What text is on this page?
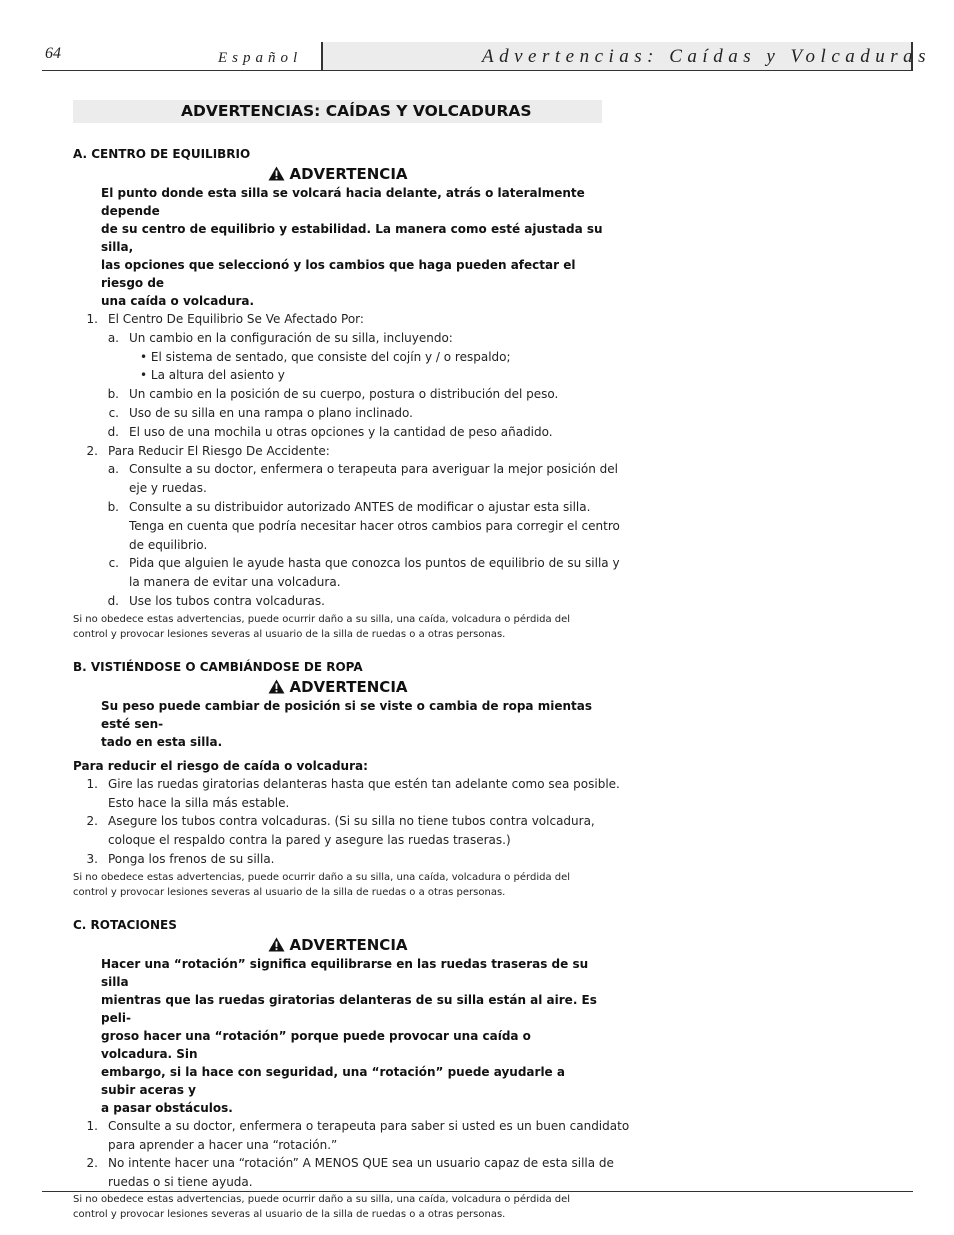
64	Español	Advertencias: Caídas y Volcaduras
ADVERTENCIAS: CAÍDAS Y VOLCADURAS
A. CENTRO DE EQUILIBRIO
ADVERTENCIA
El punto donde esta silla se volcará hacia delante, atrás o lateralmente depende
de su centro de equilibrio y estabilidad. La manera como esté ajustada su silla,
las opciones que seleccionó y los cambios que haga pueden afectar el riesgo de
una caída o volcadura.
1. El Centro De Equilibrio Se Ve Afectado Por:
a. Un cambio en la configuración de su silla, incluyendo:
• El sistema de sentado, que consiste del cojín y / o respaldo;
• La altura del asiento y
b. Un cambio en la posición de su cuerpo, postura o distribución del peso.
c. Uso de su silla en una rampa o plano inclinado.
d. El uso de una mochila u otras opciones y la cantidad de peso añadido.
2. Para Reducir El Riesgo De Accidente:
a. Consulte a su doctor, enfermera o terapeuta para averiguar la mejor posición del
eje y ruedas.
b. Consulte a su distribuidor autorizado ANTES de modificar o ajustar esta silla.
Tenga en cuenta que podría necesitar hacer otros cambios para corregir el centro
de equilibrio.
c. Pida que alguien le ayude hasta que conozca los puntos de equilibrio de su silla y
la manera de evitar una volcadura.
d. Use los tubos contra volcaduras.
Si no obedece estas advertencias, puede ocurrir daño a su silla, una caída, volcadura o pérdida del
control y provocar lesiones severas al usuario de la silla de ruedas o a otras personas.
B. VISTIÉNDOSE O CAMBIÁNDOSE DE ROPA
ADVERTENCIA
Su peso puede cambiar de posición si se viste o cambia de ropa mientas esté sen-
tado en esta silla.
Para reducir el riesgo de caída o volcadura:
1. Gire las ruedas giratorias delanteras hasta que estén tan adelante como sea posible.
Esto hace la silla más estable.
2. Asegure los tubos contra volcaduras. (Si su silla no tiene tubos contra volcadura,
coloque el respaldo contra la pared y asegure las ruedas traseras.)
3. Ponga los frenos de su silla.
Si no obedece estas advertencias, puede ocurrir daño a su silla, una caída, volcadura o pérdida del
control y provocar lesiones severas al usuario de la silla de ruedas o a otras personas.
C. ROTACIONES
ADVERTENCIA
Hacer una “rotación” significa equilibrarse en las ruedas traseras de su silla
mientras que las ruedas giratorias delanteras de su silla están al aire. Es peli-
groso hacer una “rotación” porque puede provocar una caída o volcadura. Sin
embargo, si la hace con seguridad, una “rotación” puede ayudarle a subir aceras y
a pasar obstáculos.
1. Consulte a su doctor, enfermera o terapeuta para saber si usted es un buen candidato
para aprender a hacer una “rotación.”
2. No intente hacer una “rotación” A MENOS QUE sea un usuario capaz de esta silla de
ruedas o si tiene ayuda.
Si no obedece estas advertencias, puede ocurrir daño a su silla, una caída, volcadura o pérdida del
control y provocar lesiones severas al usuario de la silla de ruedas o a otras personas.
